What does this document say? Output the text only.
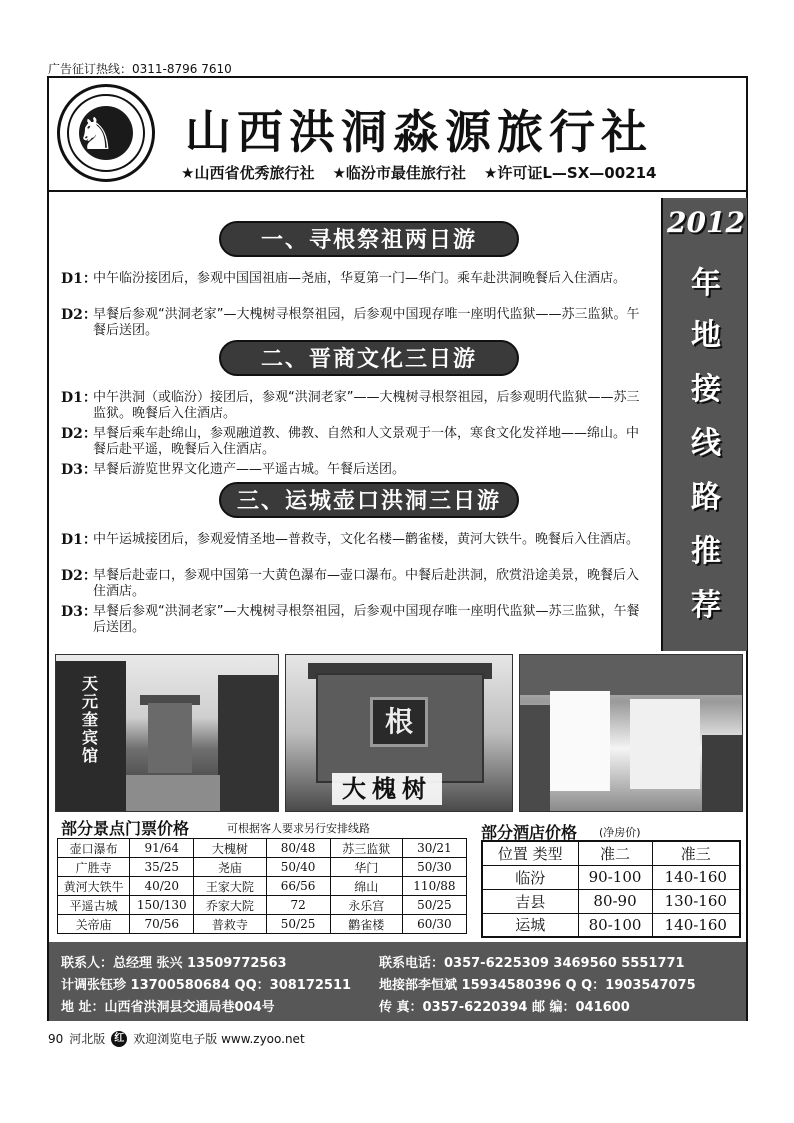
广告征订热线：0311-8796 7610
♞ 山西洪洞淼源旅行社
★山西省优秀旅行社 ★临汾市最佳旅行社 ★许可证L—SX—00214
一、寻根祭祖两日游
D1：中午临汾接团后，参观中国国祖庙—尧庙，华夏第一门—华门。乘车赴洪洞晚餐后入住酒店。
D2：早餐后参观“洪洞老家”—大槐树寻根祭祖园，后参观中国现存唯一座明代监狱——苏三监狱。午餐后送团。
二、晋商文化三日游
D1：中午洪洞（或临汾）接团后，参观“洪洞老家”——大槐树寻根祭祖园，后参观明代监狱——苏三监狱。晚餐后入住酒店。
D2：早餐后乘车赴绵山，参观融道教、佛教、自然和人文景观于一体，寒食文化发祥地——绵山。中餐后赴平遥，晚餐后入住酒店。
D3：早餐后游览世界文化遗产——平遥古城。午餐后送团。
三、运城壶口洪洞三日游
D1：中午运城接团后，参观爱情圣地—普救寺，文化名楼—鹳雀楼，黄河大铁牛。晚餐后入住酒店。
D2：早餐后赴壶口，参观中国第一大黄色瀑布—壶口瀑布。中餐后赴洪洞，欣赏沿途美景，晚餐后入住酒店。
D3：早餐后参观“洪洞老家”—大槐树寻根祭祖园，后参观中国现存唯一座明代监狱—苏三监狱，午餐后送团。
2012
年
地
接
线
路
推
荐
天元奎宾馆
根
大槐树
部分景点门票价格	可根据客人要求另行安排线路
壶口瀑布	91/64	大槐树	80/48	苏三监狱	30/21
广胜寺	35/25	尧庙	50/40	华门	50/30
黄河大铁牛	40/20	王家大院	66/56	绵山	110/88
平遥古城	150/130	乔家大院	72	永乐宫	50/25
关帝庙	70/56	普救寺	50/25	鹳雀楼	60/30
部分酒店价格 (净房价)
位置 类型	准二	准三
临汾	90-100	140-160
吉县	80-90	130-160
运城	80-100	140-160
联系人：总经理 张兴 13509772563	联系电话：0357-6225309 3469560 5551771
计调张钰珍 13700580684 QQ：308172511 地接部李恒斌 15934580396 Q Q：1903547075
地 址：山西省洪洞县交通局巷004号	传 真：0357-6220394 邮 编：041600
90 河北版 红 欢迎浏览电子版 www.zyoo.net
